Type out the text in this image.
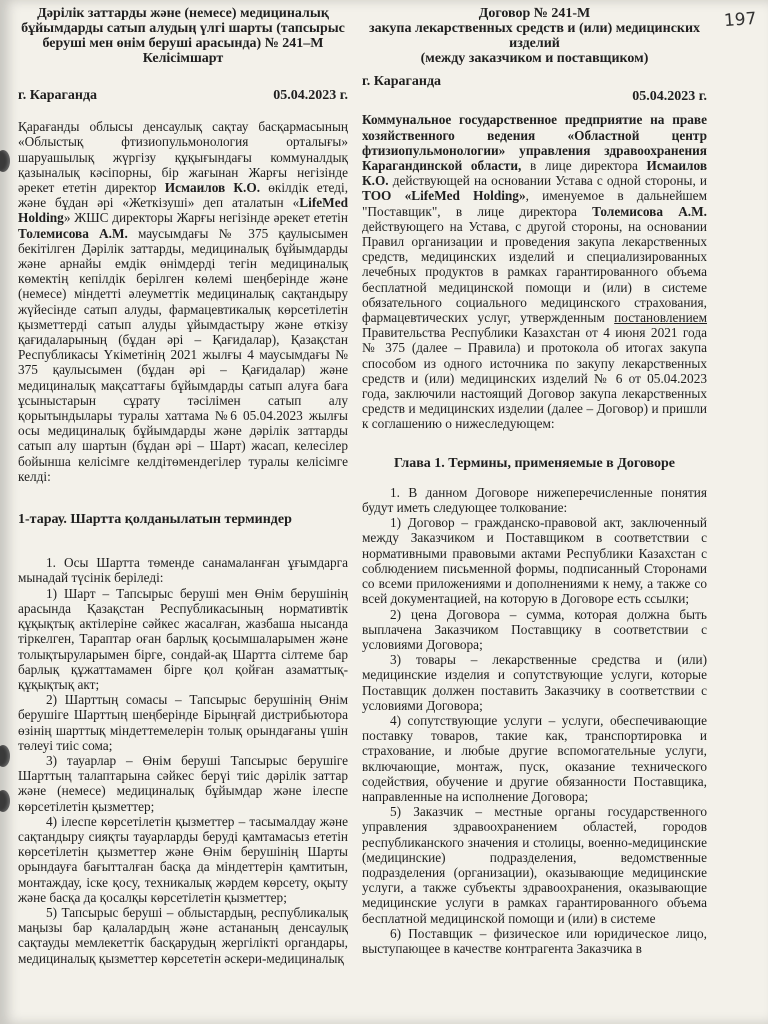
197
Дәрілік заттарды және (немесе) медициналық
бұйымдарды сатып алудың үлгі шарты (тапсырыс
беруші мен өнім беруші арасында) № 241–М
Келісімшарт
г. Караганда	05.04.2023 г.

Қарағанды облысы денсаулық сақтау басқармасының «Облыстық фтизиопульмонология орталығы» шаруашылық жүргізу құқығындағы коммуналдық қазыналық кәсіпорны, бір жағынан Жарғы негізінде әрекет ететін директор Исмаилов К.О. өкілдік етеді, және бұдан әрі «Жеткізуші» деп аталатын «LifeMed Holding» ЖШС директоры Жарғы негізінде әрекет ететін Толемисова А.М. маусымдағы № 375 қаулысымен бекітілген Дәрілік заттарды, медициналық бұйымдарды және арнайы емдік өнімдерді тегін медициналық көмектің кепілдік берілген көлемі шеңберінде және (немесе) міндетті әлеуметтік медициналық сақтандыру жүйесінде сатып алуды, фармацевтикалық көрсетілетін қызметтерді сатып алуды ұйымдастыру және өткізу қағидаларының (бұдан әрі – Қағидалар), Қазақстан Республикасы Үкіметінің 2021 жылғы 4 маусымдағы № 375 қаулысымен (бұдан әрі – Қағидалар) және медициналық мақсаттағы бұйымдарды сатып алуға баға ұсыныстарын сұрату тәсілімен сатып алу қорытындылары туралы хаттама №6 05.04.2023 жылғы осы медициналық бұйымдарды және дәрілік заттарды сатып алу шартын (бұдан әрі – Шарт) жасап, келесілер бойынша келісімге келдітөмендегілер туралы келісімге келді:

1-тарау. Шартта қолданылатын терминдер

1. Осы Шартта төменде санамаланған ұғымдарга мынадай түсінік беріледі:

1) Шарт – Тапсырыс беруші мен Өнім берушінің арасында Қазақстан Республикасының нормативтік құқықтық актілеріне сәйкес жасалған, жазбаша нысанда тіркелген, Тараптар оған барлық қосымшаларымен және толықтыруларымен бірге, сондай-ақ Шартта сілтеме бар барлық құжаттамамен бірге қол қойған азаматтық-құқықтық акт;

2) Шарттың сомасы – Тапсырыс берушінің Өнім берушіге Шарттың шеңберінде Бірыңғай дистрибьютора өзінің шарттық міндеттемелерін толық орындағаны үшін төлеуі тиіс сома;

3) тауарлар – Өнім беруші Тапсырыс берушіге Шарттың талаптарына сәйкес берүі тиіс дәрілік заттар және (немесе) медициналық бұйымдар және ілеспе көрсетілетін қызметтер;

4) ілеспе көрсетілетін қызметтер – тасымалдау және сақтандыру сияқты тауарларды беруді қамтамасыз ететін көрсетілетін қызметтер және Өнім берушінің Шарты орындауға бағытталған басқа да міндеттерін қамтитын, монтаждау, іске қосу, техникалық жәрдем көрсету, оқыту және басқа да қосалқы көрсетілетін қызметтер;

5) Тапсырыс беруші – облыстардың, республикалық маңызы бар қалалардың және астананың денсаулық сақтауды мемлекеттік басқарудың жергілікті органдары, медициналық қызметтер көрсететін әскери-медициналық

Договор № 241-М
закупа лекарственных средств и (или) медицинских
изделий
(между заказчиком и поставщиком)
г. Караганда
05.04.2023 г.

Коммунальное государственное предприятие на праве хозяйственного ведения «Областной центр фтизиопульмонологии» управления здравоохранения Карагандинской области, в лице директора Исмаилов К.О. действующей на основании Устава с одной стороны, и ТОО «LifeMed Holding», именуемое в дальнейшем "Поставщик", в лице директора Толемисова А.М. действующего на Устава, с другой стороны, на основании Правил организации и проведения закупа лекарственных средств, медицинских изделий и специализированных лечебных продуктов в рамках гарантированного объема бесплатной медицинской помощи и (или) в системе обязательного социального медицинского страхования, фармацевтических услуг, утвержденным постановлением Правительства Республики Казахстан от 4 июня 2021 года № 375 (далее – Правила) и протокола об итогах закупа способом из одного источника по закупу лекарственных средств и (или) медицинских изделий № 6 от 05.04.2023 года, заключили настоящий Договор закупа лекарственных средств и медицинских изделии (далее – Договор) и пришли к соглашению о нижеследующем:

Глава 1. Термины, применяемые в Договоре

1. В данном Договоре нижеперечисленные понятия будут иметь следующее толкование:

1) Договор – гражданско-правовой акт, заключенный между Заказчиком и Поставщиком в соответствии с нормативными правовыми актами Республики Казахстан с соблюдением письменной формы, подписанный Сторонами со всеми приложениями и дополнениями к нему, а также со всей документацией, на которую в Договоре есть ссылки;

2) цена Договора – сумма, которая должна быть выплачена Заказчиком Поставщику в соответствии с условиями Договора;

3) товары – лекарственные средства и (или) медицинские изделия и сопутствующие услуги, которые Поставщик должен поставить Заказчику в соответствии с условиями Договора;

4) сопутствующие услуги – услуги, обеспечивающие поставку товаров, такие как, транспортировка и страхование, и любые другие вспомогательные услуги, включающие, монтаж, пуск, оказание технического содействия, обучение и другие обязанности Поставщика, направленные на исполнение Договора;

5) Заказчик – местные органы государственного управления здравоохранением областей, городов республиканского значения и столицы, военно-медицинские (медицинские) подразделения, ведомственные подразделения (организации), оказывающие медицинские услуги, а также субъекты здравоохранения, оказывающие медицинские услуги в рамках гарантированного объема бесплатной медицинской помощи и (или) в системе

6) Поставщик – физическое или юридическое лицо, выступающее в качестве контрагента Заказчика в
